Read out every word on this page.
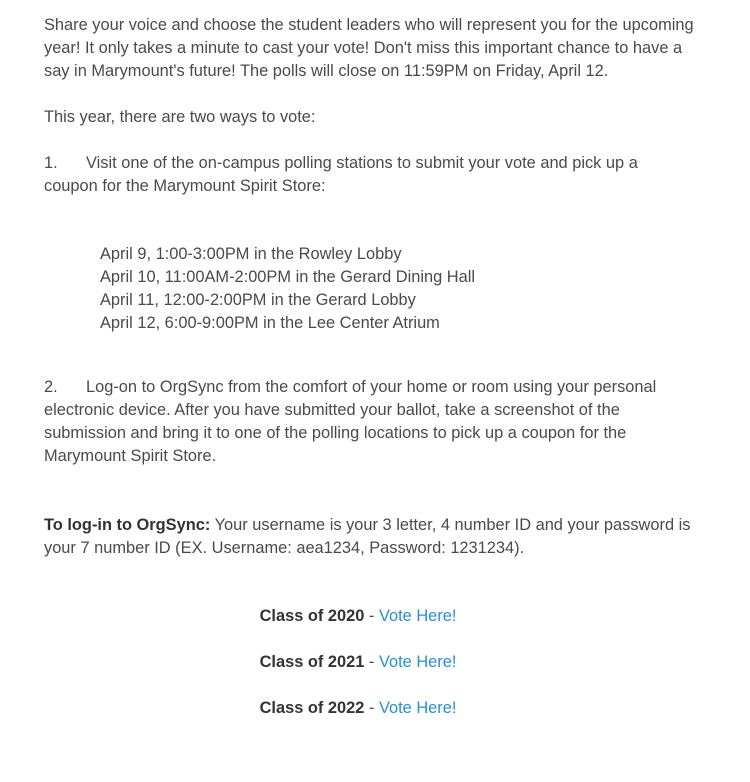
Share your voice and choose the student leaders who will represent you for the upcoming year! It only takes a minute to cast your vote! Don't miss this important chance to have a say in Marymount's future! The polls will close on 11:59PM on Friday, April 12.

This year, there are two ways to vote:

1. Visit one of the on-campus polling stations to submit your vote and pick up a coupon for the Marymount Spirit Store:

April 9, 1:00-3:00PM in the Rowley Lobby

April 10, 11:00AM-2:00PM in the Gerard Dining Hall

April 11, 12:00-2:00PM in the Gerard Lobby

April 12, 6:00-9:00PM in the Lee Center Atrium

2. Log-on to OrgSync from the comfort of your home or room using your personal electronic device. After you have submitted your ballot, take a screenshot of the submission and bring it to one of the polling locations to pick up a coupon for the Marymount Spirit Store.

To log-in to OrgSync: Your username is your 3 letter, 4 number ID and your password is your 7 number ID (EX. Username: aea1234, Password: 1231234).

Class of 2020 - Vote Here!
Class of 2021 - Vote Here!
Class of 2022 - Vote Here!
